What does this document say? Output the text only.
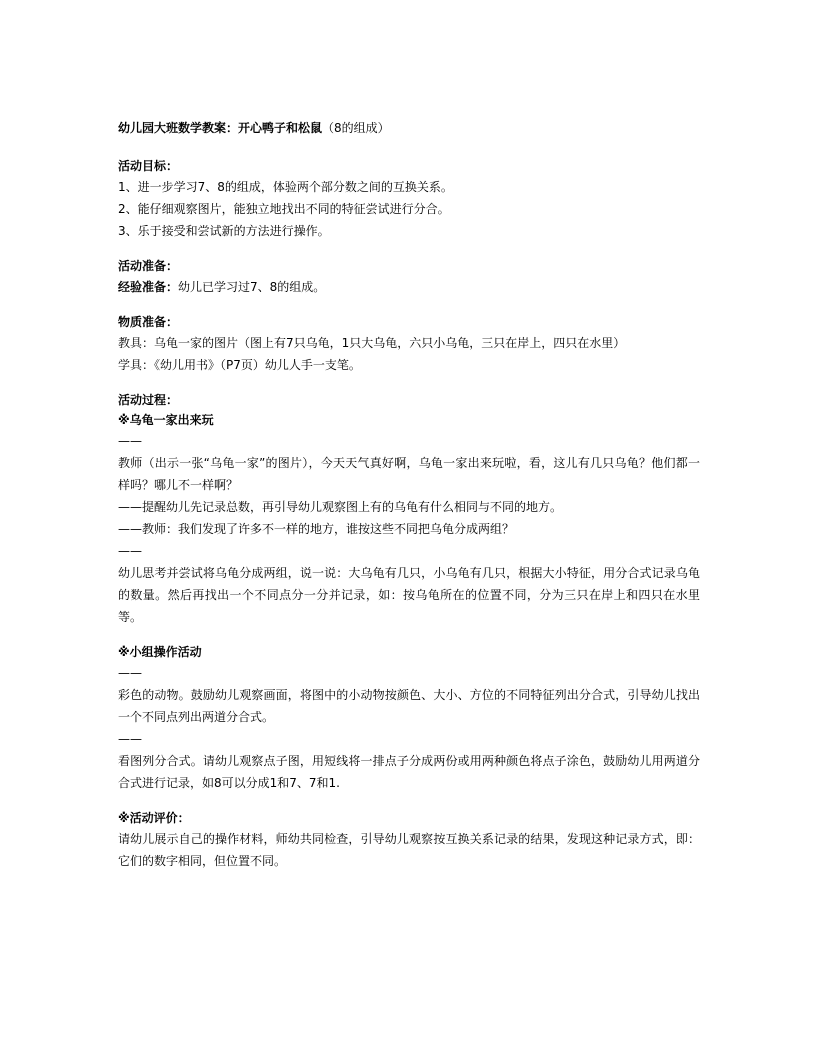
幼儿园大班数学教案：开心鸭子和松鼠（8的组成）

活动目标：

1、进一步学习7、8的组成，体验两个部分数之间的互换关系。

2、能仔细观察图片，能独立地找出不同的特征尝试进行分合。

3、乐于接受和尝试新的方法进行操作。

活动准备：

经验准备：幼儿已学习过7、8的组成。

物质准备：

教具：乌龟一家的图片（图上有7只乌龟，1只大乌龟，六只小乌龟，三只在岸上，四只在水里）

学具：《幼儿用书》（P7页）幼儿人手一支笔。

活动过程：

※乌龟一家出来玩

——

教师（出示一张“乌龟一家”的图片），今天天气真好啊，乌龟一家出来玩啦，看，这儿有几只乌龟？他们都一样吗？哪儿不一样啊？

——提醒幼儿先记录总数，再引导幼儿观察图上有的乌龟有什么相同与不同的地方。

——教师：我们发现了许多不一样的地方，谁按这些不同把乌龟分成两组？

——

幼儿思考并尝试将乌龟分成两组，说一说：大乌龟有几只，小乌龟有几只，根据大小特征，用分合式记录乌龟的数量。然后再找出一个不同点分一分并记录，如：按乌龟所在的位置不同，分为三只在岸上和四只在水里等。

※小组操作活动

——

彩色的动物。鼓励幼儿观察画面，将图中的小动物按颜色、大小、方位的不同特征列出分合式，引导幼儿找出一个不同点列出两道分合式。

——

看图列分合式。请幼儿观察点子图，用短线将一排点子分成两份或用两种颜色将点子涂色，鼓励幼儿用两道分合式进行记录，如8可以分成1和7、7和1.

※活动评价：

请幼儿展示自己的操作材料，师幼共同检查，引导幼儿观察按互换关系记录的结果，发现这种记录方式，即：它们的数字相同，但位置不同。
